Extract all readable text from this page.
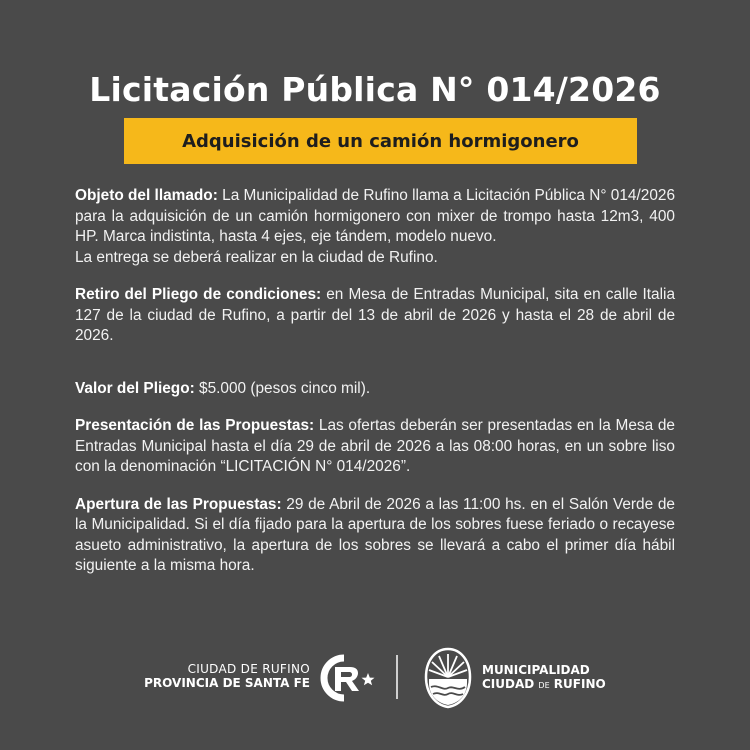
Licitación Pública N° 014/2026
Adquisición de un camión hormigonero

Objeto del llamado: La Municipalidad de Rufino llama a Licitación Pública N° 014/2026 para la adquisición de un camión hormigonero con mixer de trompo hasta 12m3, 400 HP. Marca indistinta, hasta 4 ejes, eje tándem, modelo nuevo.

La entrega se deberá realizar en la ciudad de Rufino.

Retiro del Pliego de condiciones: en Mesa de Entradas Municipal, sita en calle Italia 127 de la ciudad de Rufino, a partir del 13 de abril de 2026 y hasta el 28 de abril de 2026.

Valor del Pliego: $5.000 (pesos cinco mil).

Presentación de las Propuestas: Las ofertas deberán ser presentadas en la Mesa de Entradas Municipal hasta el día 29 de abril de 2026 a las 08:00 horas, en un sobre liso con la denominación “LICITACIÓN N° 014/2026”.

Apertura de las Propuestas: 29 de Abril de 2026 a las 11:00 hs. en el Salón Verde de la Municipalidad. Si el día fijado para la apertura de los sobres fuese feriado o recayese asueto administrativo, la apertura de los sobres se llevará a cabo el primer día hábil siguiente a la misma hora.

CIUDAD DE RUFINO
PROVINCIA DE SANTA FE
MUNICIPALIDAD
CIUDAD DE RUFINO
